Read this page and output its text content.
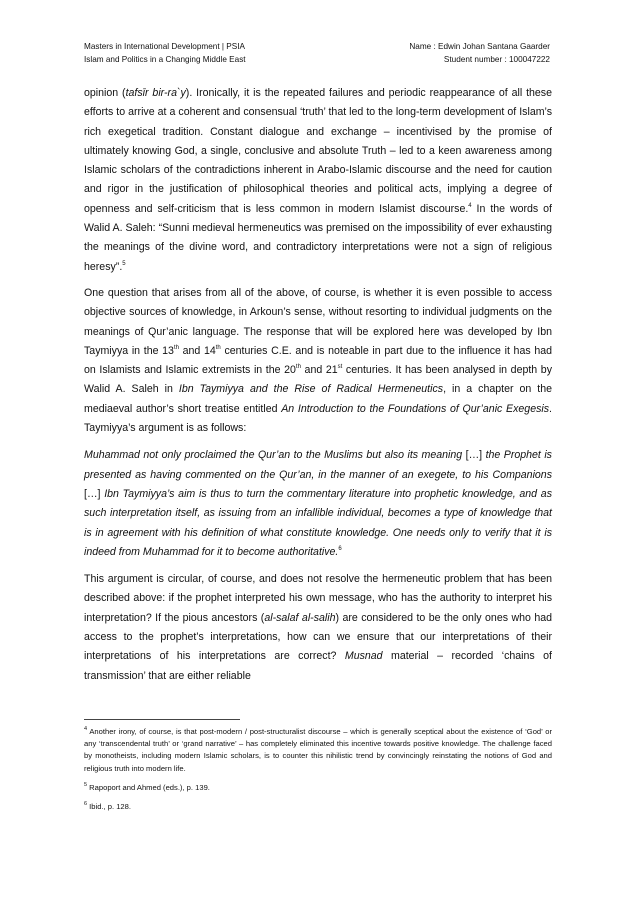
Masters in International Development | PSIA
Islam and Politics in a Changing Middle East
Name : Edwin Johan Santana Gaarder
Student number : 100047222

opinion (tafsīr bir-ra`y). Ironically, it is the repeated failures and periodic reappearance of all these efforts to arrive at a coherent and consensual ‘truth’ that led to the long-term development of Islam’s rich exegetical tradition. Constant dialogue and exchange – incentivised by the promise of ultimately knowing God, a single, conclusive and absolute Truth – led to a keen awareness among Islamic scholars of the contradictions inherent in Arabo-Islamic discourse and the need for caution and rigor in the justification of philosophical theories and political acts, implying a degree of openness and self-criticism that is less common in modern Islamist discourse.$^4$ In the words of Walid A. Saleh: “Sunni medieval hermeneutics was premised on the impossibility of ever exhausting the meanings of the divine word, and contradictory interpretations were not a sign of religious heresy”.$^5$

One question that arises from all of the above, of course, is whether it is even possible to access objective sources of knowledge, in Arkoun’s sense, without resorting to individual judgments on the meanings of Qur’anic language. The response that will be explored here was developed by Ibn Taymiyya in the 13th and 14th centuries C.E. and is noteable in part due to the influence it has had on Islamists and Islamic extremists in the 20th and 21st centuries. It has been analysed in depth by Walid A. Saleh in Ibn Taymiyya and the Rise of Radical Hermeneutics, in a chapter on the mediaeval author’s short treatise entitled An Introduction to the Foundations of Qur’anic Exegesis. Taymiyya’s argument is as follows:

Muhammad not only proclaimed the Qur’an to the Muslims but also its meaning […] the Prophet is presented as having commented on the Qur’an, in the manner of an exegete, to his Companions […] Ibn Taymiyya’s aim is thus to turn the commentary literature into prophetic knowledge, and as such interpretation itself, as issuing from an infallible individual, becomes a type of knowledge that is in agreement with his definition of what constitute knowledge. One needs only to verify that it is indeed from Muhammad for it to become authoritative.$^6$

This argument is circular, of course, and does not resolve the hermeneutic problem that has been described above: if the prophet interpreted his own message, who has the authority to interpret his interpretation? If the pious ancestors (al-salaf al-salih) are considered to be the only ones who had access to the prophet’s interpretations, how can we ensure that our interpretations of their interpretations of his interpretations are correct? Musnad material – recorded ‘chains of transmission’ that are either reliable

$^4$ Another irony, of course, is that post-modern / post-structuralist discourse – which is generally sceptical about the existence of ‘God’ or any ‘transcendental truth’ or ‘grand narrative’ – has completely eliminated this incentive towards positive knowledge. The challenge faced by monotheists, including modern Islamic scholars, is to counter this nihilistic trend by convincingly reinstating the notions of God and religious truth into modern life.

$^5$ Rapoport and Ahmed (eds.), p. 139.

$^6$ Ibid., p. 128.
